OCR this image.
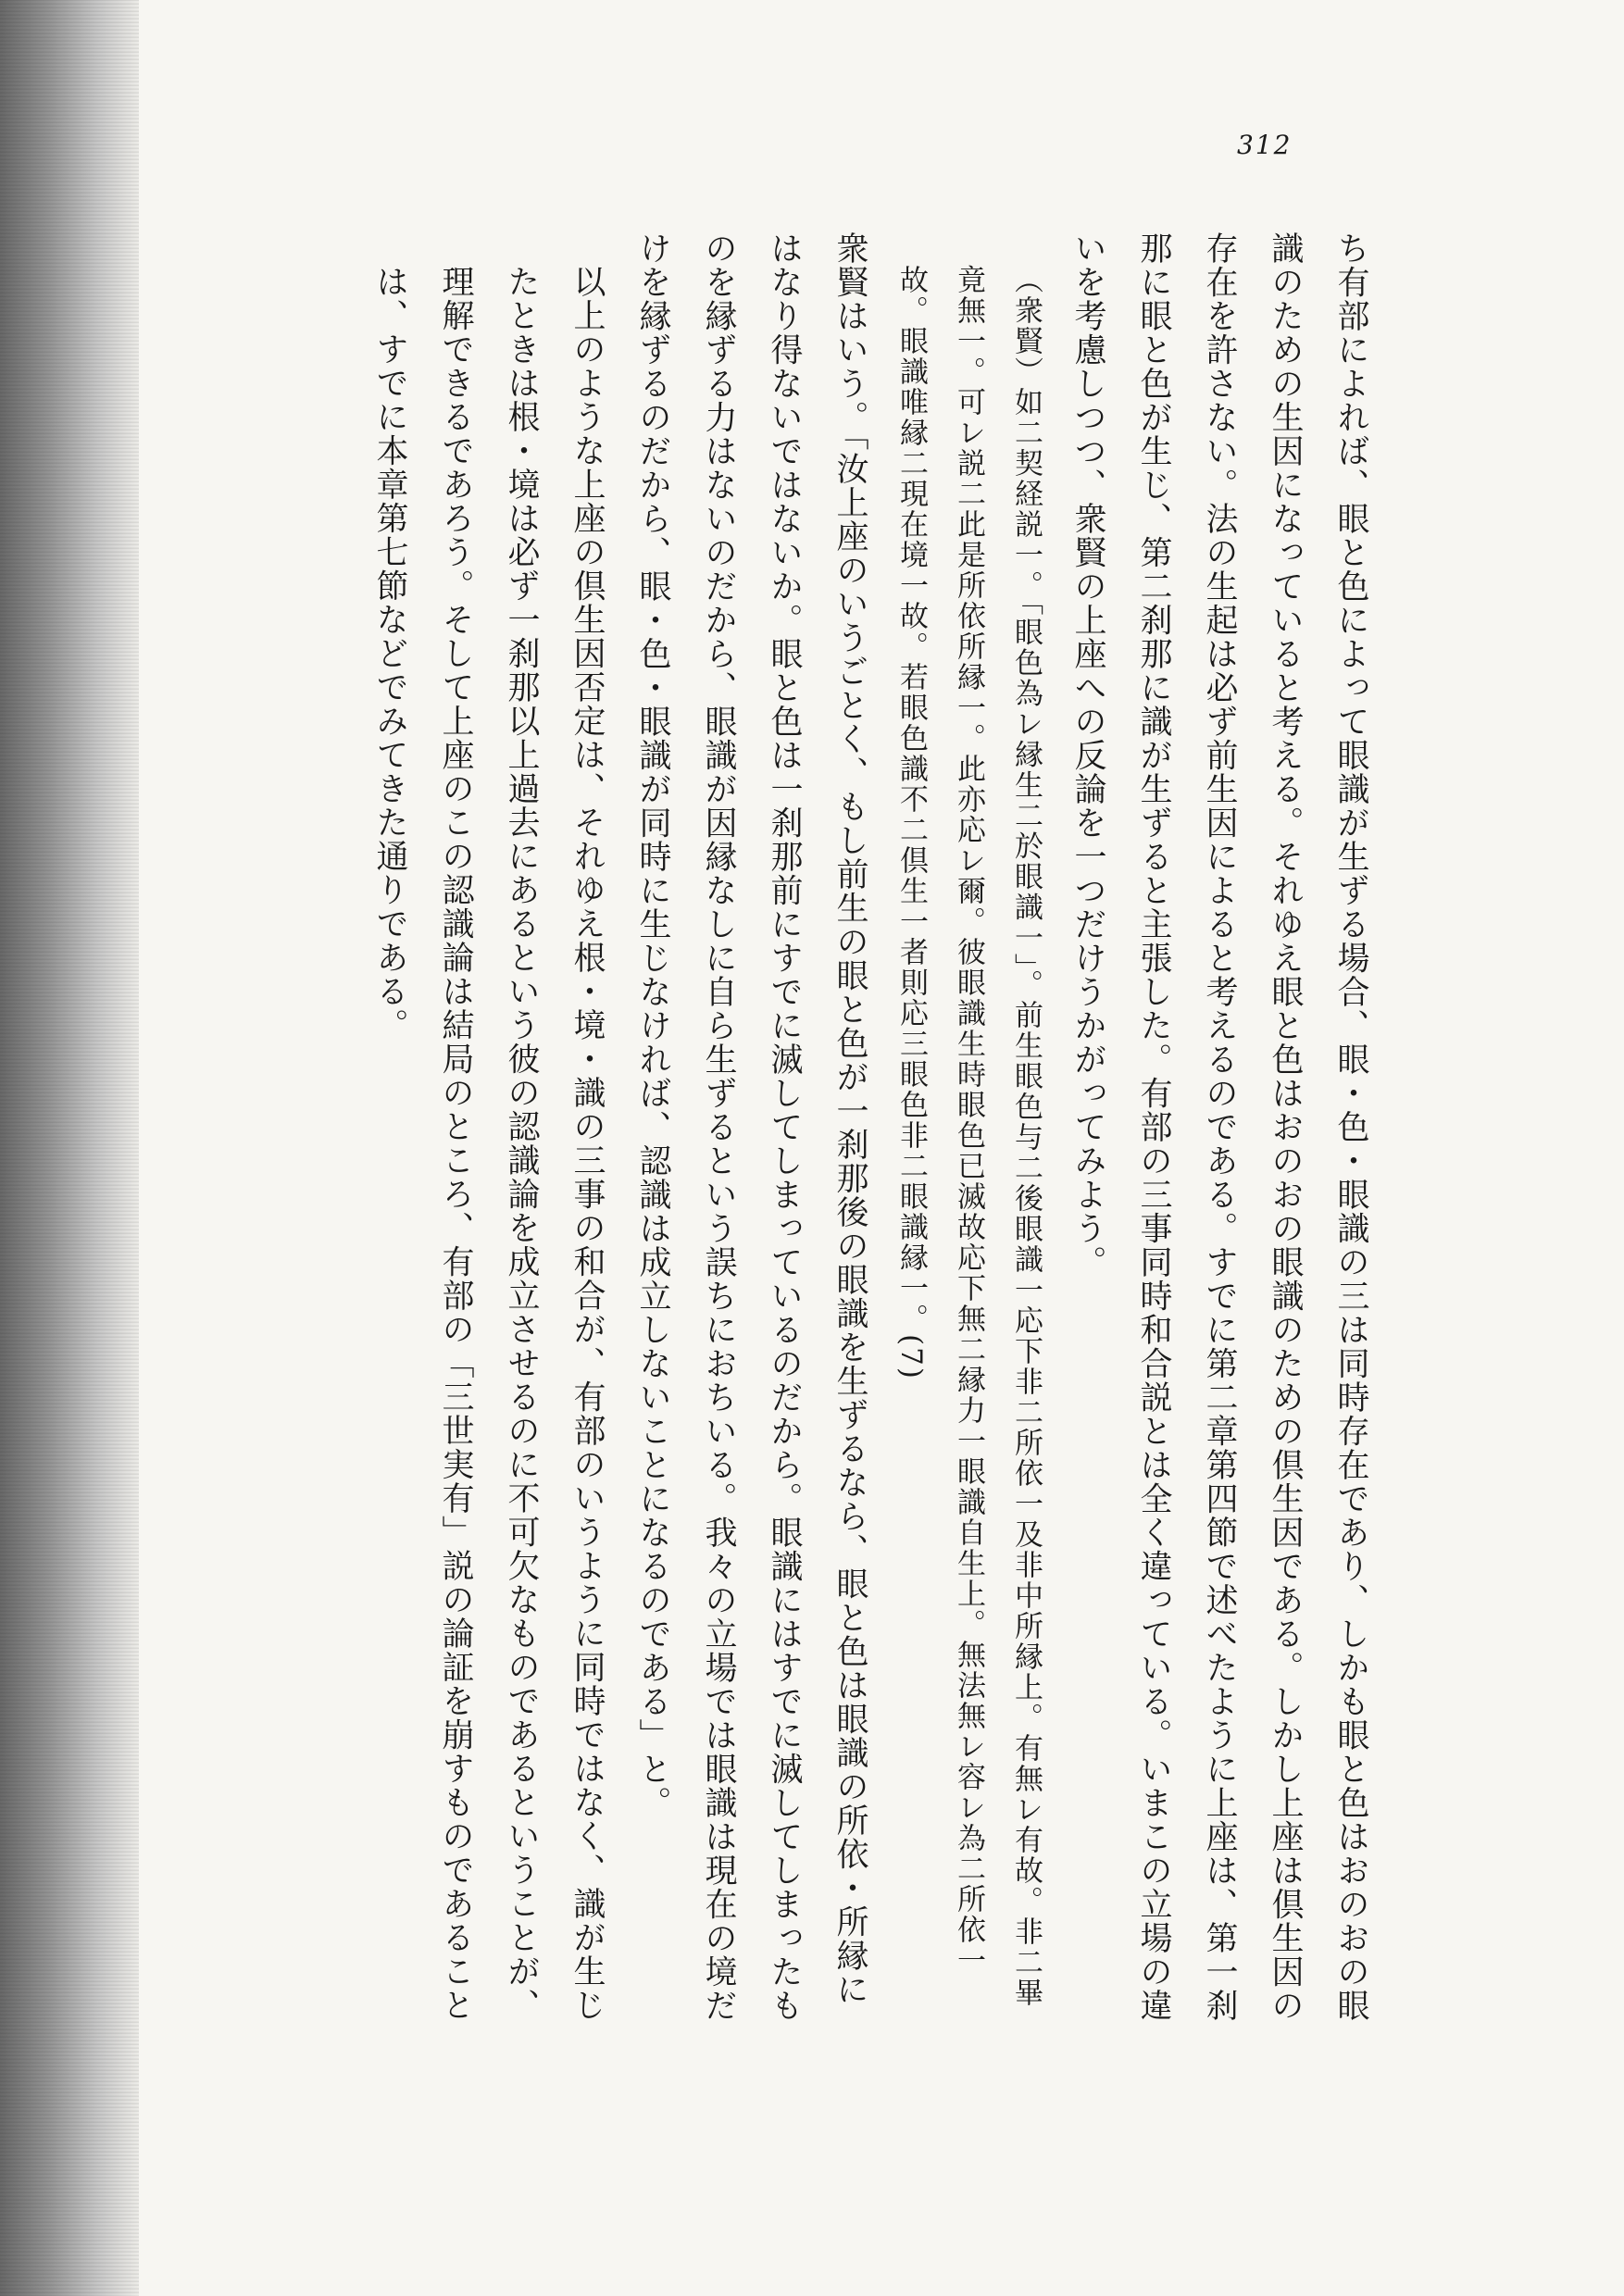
312

ち有部によれば、眼と色によって眼識が生ずる場合、眼・色・眼識の三は同時存在であり、しかも眼と色はおのおの眼識のための生因になっていると考える。それゆえ眼と色はおのおの眼識のための倶生因である。しかし上座は倶生因の存在を許さない。法の生起は必ず前生因によると考えるのである。すでに第二章第四節で述べたように上座は、第一刹那に眼と色が生じ、第二刹那に識が生ずると主張した。有部の三事同時和合説とは全く違っている。いまこの立場の違いを考慮しつつ、衆賢の上座への反論を一つだけうかがってみよう。

（衆賢）如二契経説一。「眼色為レ縁生二於眼識一」。前生眼色与二後眼識一応下非二所依一及非中所縁上。有無レ有故。非二畢竟無一。可レ説二此是所依所縁一。此亦応レ爾。彼眼識生時眼色已滅故応下無二縁力一眼識自生上。無法無レ容レ為二所依一故。眼識唯縁二現在境一故。若眼色識不二倶生一者則応三眼色非二眼識縁一。(7)

衆賢はいう。「汝上座のいうごとく、もし前生の眼と色が一刹那後の眼識を生ずるなら、眼と色は眼識の所依・所縁にはなり得ないではないか。眼と色は一刹那前にすでに滅してしまっているのだから。眼識にはすでに滅してしまったものを縁ずる力はないのだから、眼識が因縁なしに自ら生ずるという誤ちにおちいる。我々の立場では眼識は現在の境だけを縁ずるのだから、眼・色・眼識が同時に生じなければ、認識は成立しないことになるのである」と。

以上のような上座の倶生因否定は、それゆえ根・境・識の三事の和合が、有部のいうように同時ではなく、識が生じたときは根・境は必ず一刹那以上過去にあるという彼の認識論を成立させるのに不可欠なものであるということが、理解できるであろう。そして上座のこの認識論は結局のところ、有部の「三世実有」説の論証を崩すものであることは、すでに本章第七節などでみてきた通りである。
